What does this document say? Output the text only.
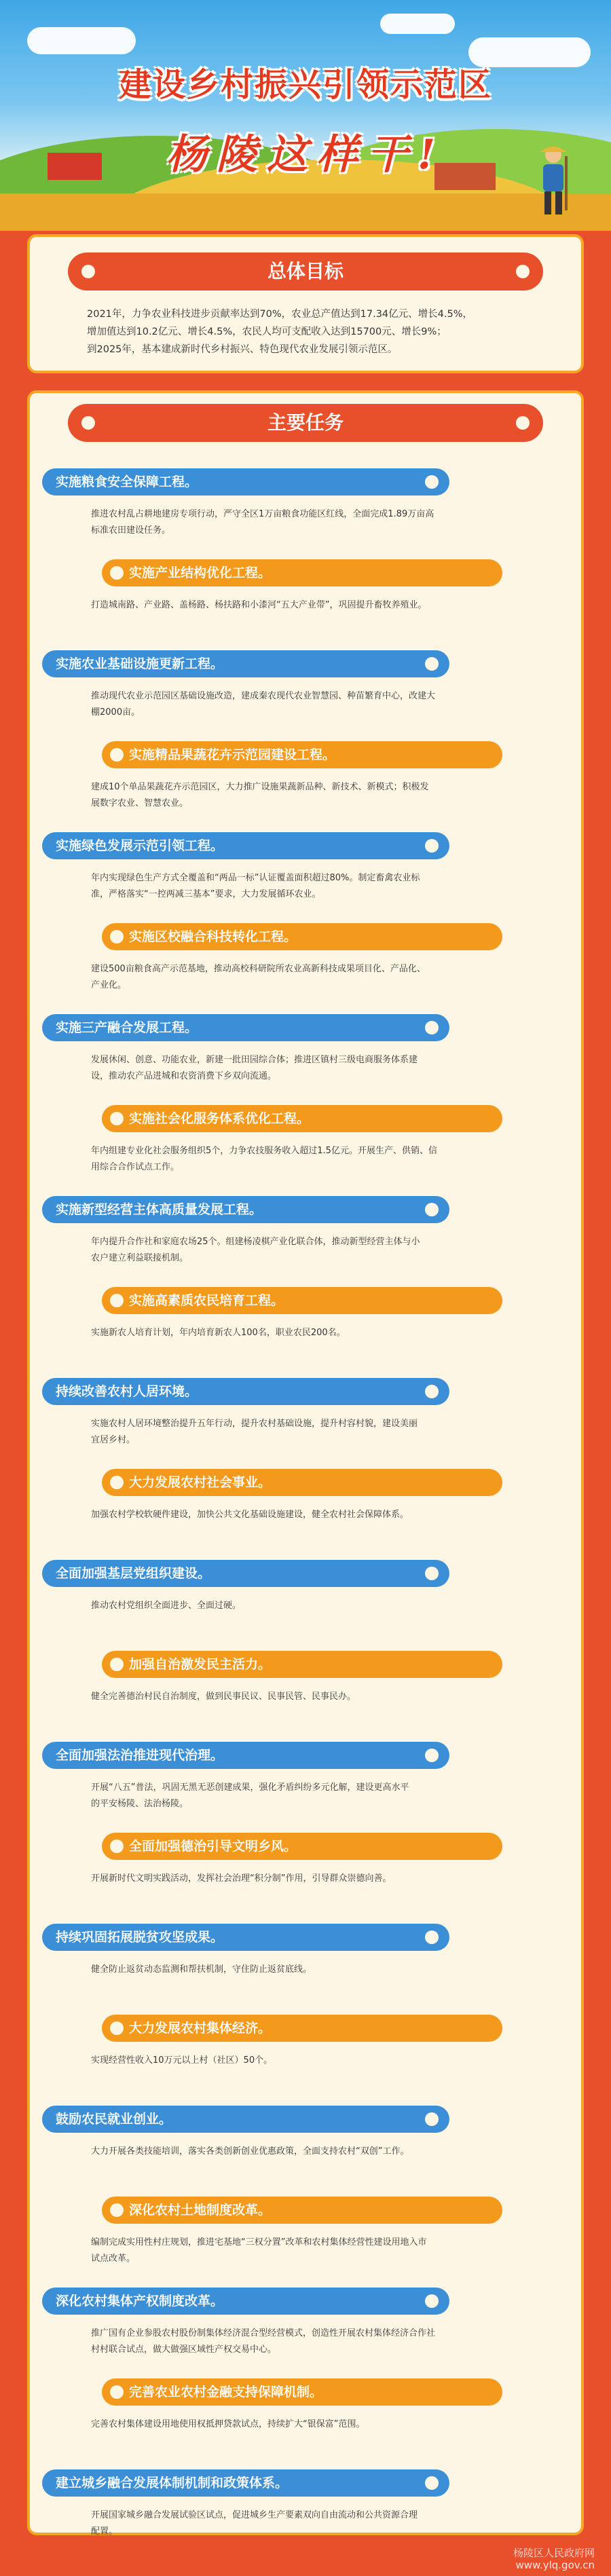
建设乡村振兴引领示范区
杨陵这样干!
总体目标
2021年，力争农业科技进步贡献率达到70%，农业总产值达到17.34亿元、增长4.5%，
增加值达到10.2亿元、增长4.5%，农民人均可支配收入达到15700元、增长9%；
到2025年，基本建成新时代乡村振兴、特色现代农业发展引领示范区。
主要任务
实施粮食安全保障工程。
推进农村乱占耕地建房专项行动，严守全区1万亩粮食功能区红线，全面完成1.89万亩高
标准农田建设任务。
实施产业结构优化工程。
打造城南路、产业路、盖杨路、杨扶路和小漆河“五大产业带”，巩固提升畜牧养殖业。
实施农业基础设施更新工程。
推动现代农业示范园区基础设施改造，建成秦农现代农业智慧园、种苗繁育中心，改建大
棚2000亩。
实施精品果蔬花卉示范园建设工程。
建成10个单品果蔬花卉示范园区，大力推广设施果蔬新品种、新技术、新模式；积极发
展数字农业、智慧农业。
实施绿色发展示范引领工程。
年内实现绿色生产方式全覆盖和“两品一标”认证覆盖面积超过80%。制定畜禽农业标
准，严格落实“一控两减三基本”要求，大力发展循环农业。
实施区校融合科技转化工程。
建设500亩粮食高产示范基地，推动高校科研院所农业高新科技成果项目化、产品化、
产业化。
实施三产融合发展工程。
发展休闲、创意、功能农业，新建一批田园综合体；推进区镇村三级电商服务体系建
设，推动农产品进城和农资消费下乡双向流通。
实施社会化服务体系优化工程。
年内组建专业化社会服务组织5个，力争农技服务收入超过1.5亿元。开展生产、供销、信
用综合合作试点工作。
实施新型经营主体高质量发展工程。
年内提升合作社和家庭农场25个。组建杨凌棋产业化联合体，推动新型经营主体与小
农户建立利益联接机制。
实施高素质农民培育工程。
实施新农人培育计划，年内培育新农人100名，职业农民200名。
持续改善农村人居环境。
实施农村人居环境整治提升五年行动，提升农村基础设施，提升村容村貌，建设美丽
宜居乡村。
大力发展农村社会事业。
加强农村学校软硬件建设，加快公共文化基础设施建设，健全农村社会保障体系。
全面加强基层党组织建设。
推动农村党组织全面进步、全面过硬。
加强自治激发民主活力。
健全完善德治村民自治制度，做到民事民议、民事民管、民事民办。
全面加强法治推进现代治理。
开展“八五”普法，巩固无黑无恶创建成果，强化矛盾纠纷多元化解，建设更高水平
的平安杨陵、法治杨陵。
全面加强德治引导文明乡风。
开展新时代文明实践活动，发挥社会治理“积分制”作用，引导群众崇德向善。
持续巩固拓展脱贫攻坚成果。
健全防止返贫动态监测和帮扶机制，守住防止返贫底线。
大力发展农村集体经济。
实现经营性收入10万元以上村（社区）50个。
鼓励农民就业创业。
大力开展各类技能培训，落实各类创新创业优惠政策，全面支持农村“双创”工作。
深化农村土地制度改革。
编制完成实用性村庄规划，推进宅基地“三权分置”改革和农村集体经营性建设用地入市
试点改革。
深化农村集体产权制度改革。
推广国有企业参股农村股份制集体经济混合型经营模式，创造性开展农村集体经济合作社
村村联合试点，做大做强区域性产权交易中心。
完善农业农村金融支持保障机制。
完善农村集体建设用地使用权抵押贷款试点，持续扩大“银保富”范围。
建立城乡融合发展体制机制和政策体系。
开展国家城乡融合发展试验区试点，促进城乡生产要素双向自由流动和公共资源合理
配置。
杨陵区人民政府网
www.ylq.gov.cn
